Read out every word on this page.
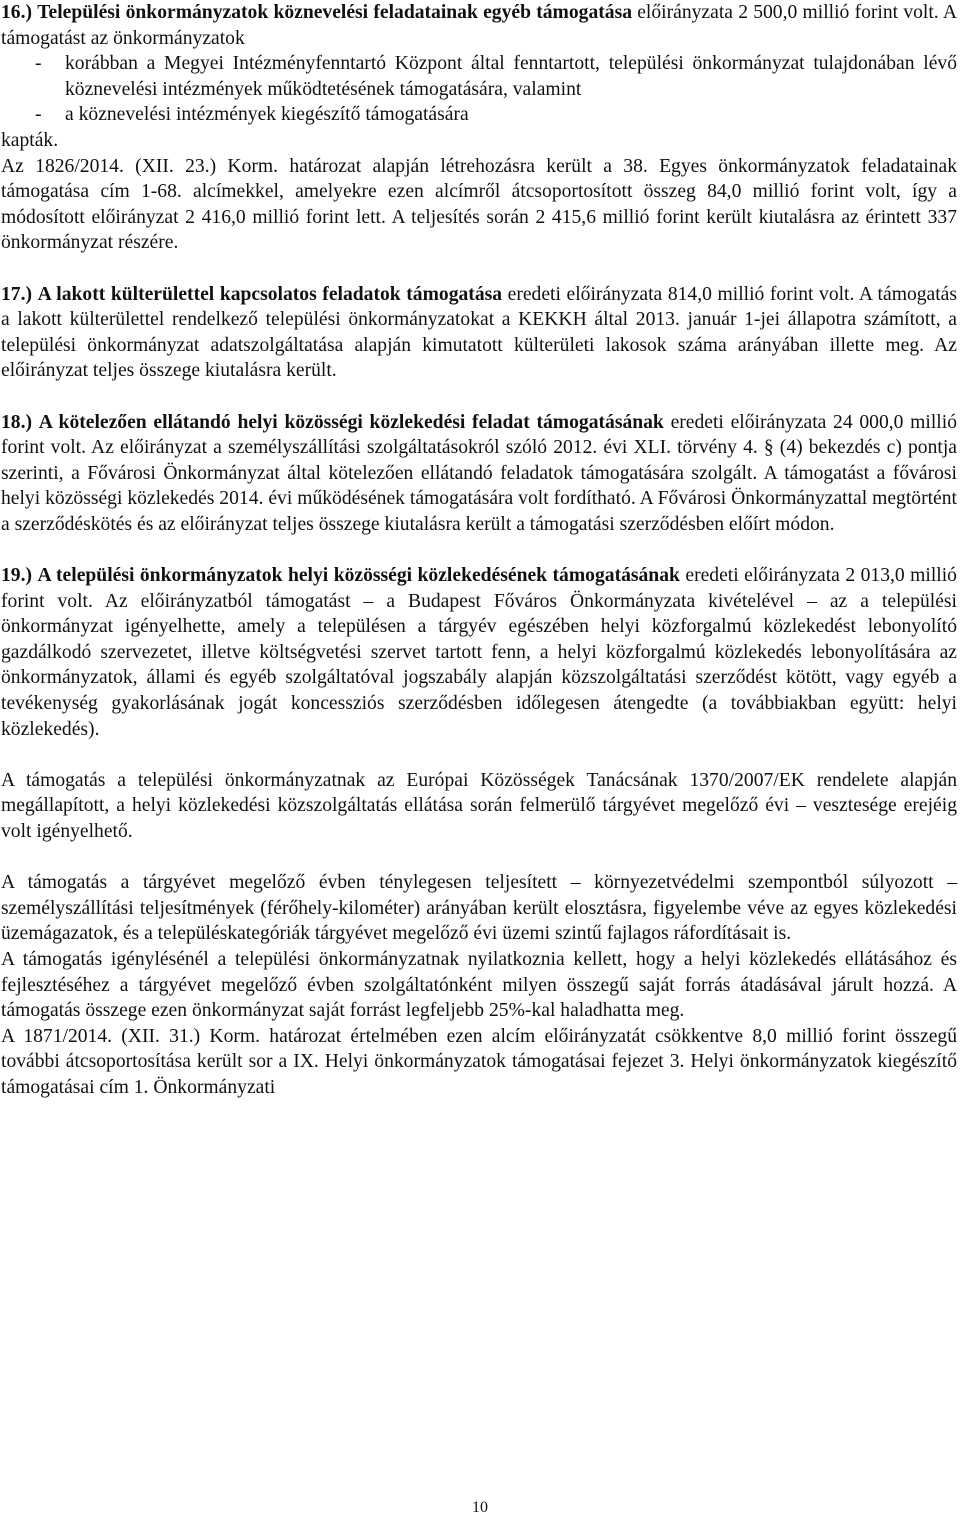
16.) Települési önkormányzatok köznevelési feladatainak egyéb támogatása előirányzata 2 500,0 millió forint volt. A támogatást az önkormányzatok

- korábban a Megyei Intézményfenntartó Központ által fenntartott, települési önkormányzat tulajdonában lévő köznevelési intézmények működtetésének támogatására, valamint
- a köznevelési intézmények kiegészítő támogatására

kapták.

Az 1826/2014. (XII. 23.) Korm. határozat alapján létrehozásra került a 38. Egyes önkormányzatok feladatainak támogatása cím 1-68. alcímekkel, amelyekre ezen alcímről átcsoportosított összeg 84,0 millió forint volt, így a módosított előirányzat 2 416,0 millió forint lett. A teljesítés során 2 415,6 millió forint került kiutalásra az érintett 337 önkormányzat részére.

17.) A lakott külterülettel kapcsolatos feladatok támogatása eredeti előirányzata 814,0 millió forint volt. A támogatás a lakott külterülettel rendelkező települési önkormányzatokat a KEKKH által 2013. január 1-jei állapotra számított, a települési önkormányzat adatszolgáltatása alapján kimutatott külterületi lakosok száma arányában illette meg. Az előirányzat teljes összege kiutalásra került.

18.) A kötelezően ellátandó helyi közösségi közlekedési feladat támogatásának eredeti előirányzata 24 000,0 millió forint volt. Az előirányzat a személyszállítási szolgáltatásokról szóló 2012. évi XLI. törvény 4. § (4) bekezdés c) pontja szerinti, a Fővárosi Önkormányzat által kötelezően ellátandó feladatok támogatására szolgált. A támogatást a fővárosi helyi közösségi közlekedés 2014. évi működésének támogatására volt fordítható. A Fővárosi Önkormányzattal megtörtént a szerződéskötés és az előirányzat teljes összege kiutalásra került a támogatási szerződésben előírt módon.

19.) A települési önkormányzatok helyi közösségi közlekedésének támogatásának eredeti előirányzata 2 013,0 millió forint volt. Az előirányzatból támogatást – a Budapest Főváros Önkormányzata kivételével – az a települési önkormányzat igényelhette, amely a településen a tárgyév egészében helyi közforgalmú közlekedést lebonyolító gazdálkodó szervezetet, illetve költségvetési szervet tartott fenn, a helyi közforgalmú közlekedés lebonyolítására az önkormányzatok, állami és egyéb szolgáltatóval jogszabály alapján közszolgáltatási szerződést kötött, vagy egyéb a tevékenység gyakorlásának jogát koncessziós szerződésben időlegesen átengedte (a továbbiakban együtt: helyi közlekedés).

A támogatás a települési önkormányzatnak az Európai Közösségek Tanácsának 1370/2007/EK rendelete alapján megállapított, a helyi közlekedési közszolgáltatás ellátása során felmerülő tárgyévet megelőző évi – vesztesége erejéig volt igényelhető.

A támogatás a tárgyévet megelőző évben ténylegesen teljesített – környezetvédelmi szempontból súlyozott – személyszállítási teljesítmények (férőhely-kilométer) arányában került elosztásra, figyelembe véve az egyes közlekedési üzemágazatok, és a településkategóriák tárgyévet megelőző évi üzemi szintű fajlagos ráfordításait is.

A támogatás igénylésénél a települési önkormányzatnak nyilatkoznia kellett, hogy a helyi közlekedés ellátásához és fejlesztéséhez a tárgyévet megelőző évben szolgáltatónként milyen összegű saját forrás átadásával járult hozzá. A támogatás összege ezen önkormányzat saját forrást legfeljebb 25%-kal haladhatta meg.

A 1871/2014. (XII. 31.) Korm. határozat értelmében ezen alcím előirányzatát csökkentve 8,0 millió forint összegű további átcsoportosítása került sor a IX. Helyi önkormányzatok támogatásai fejezet 3. Helyi önkormányzatok kiegészítő támogatásai cím 1. Önkormányzati

10
